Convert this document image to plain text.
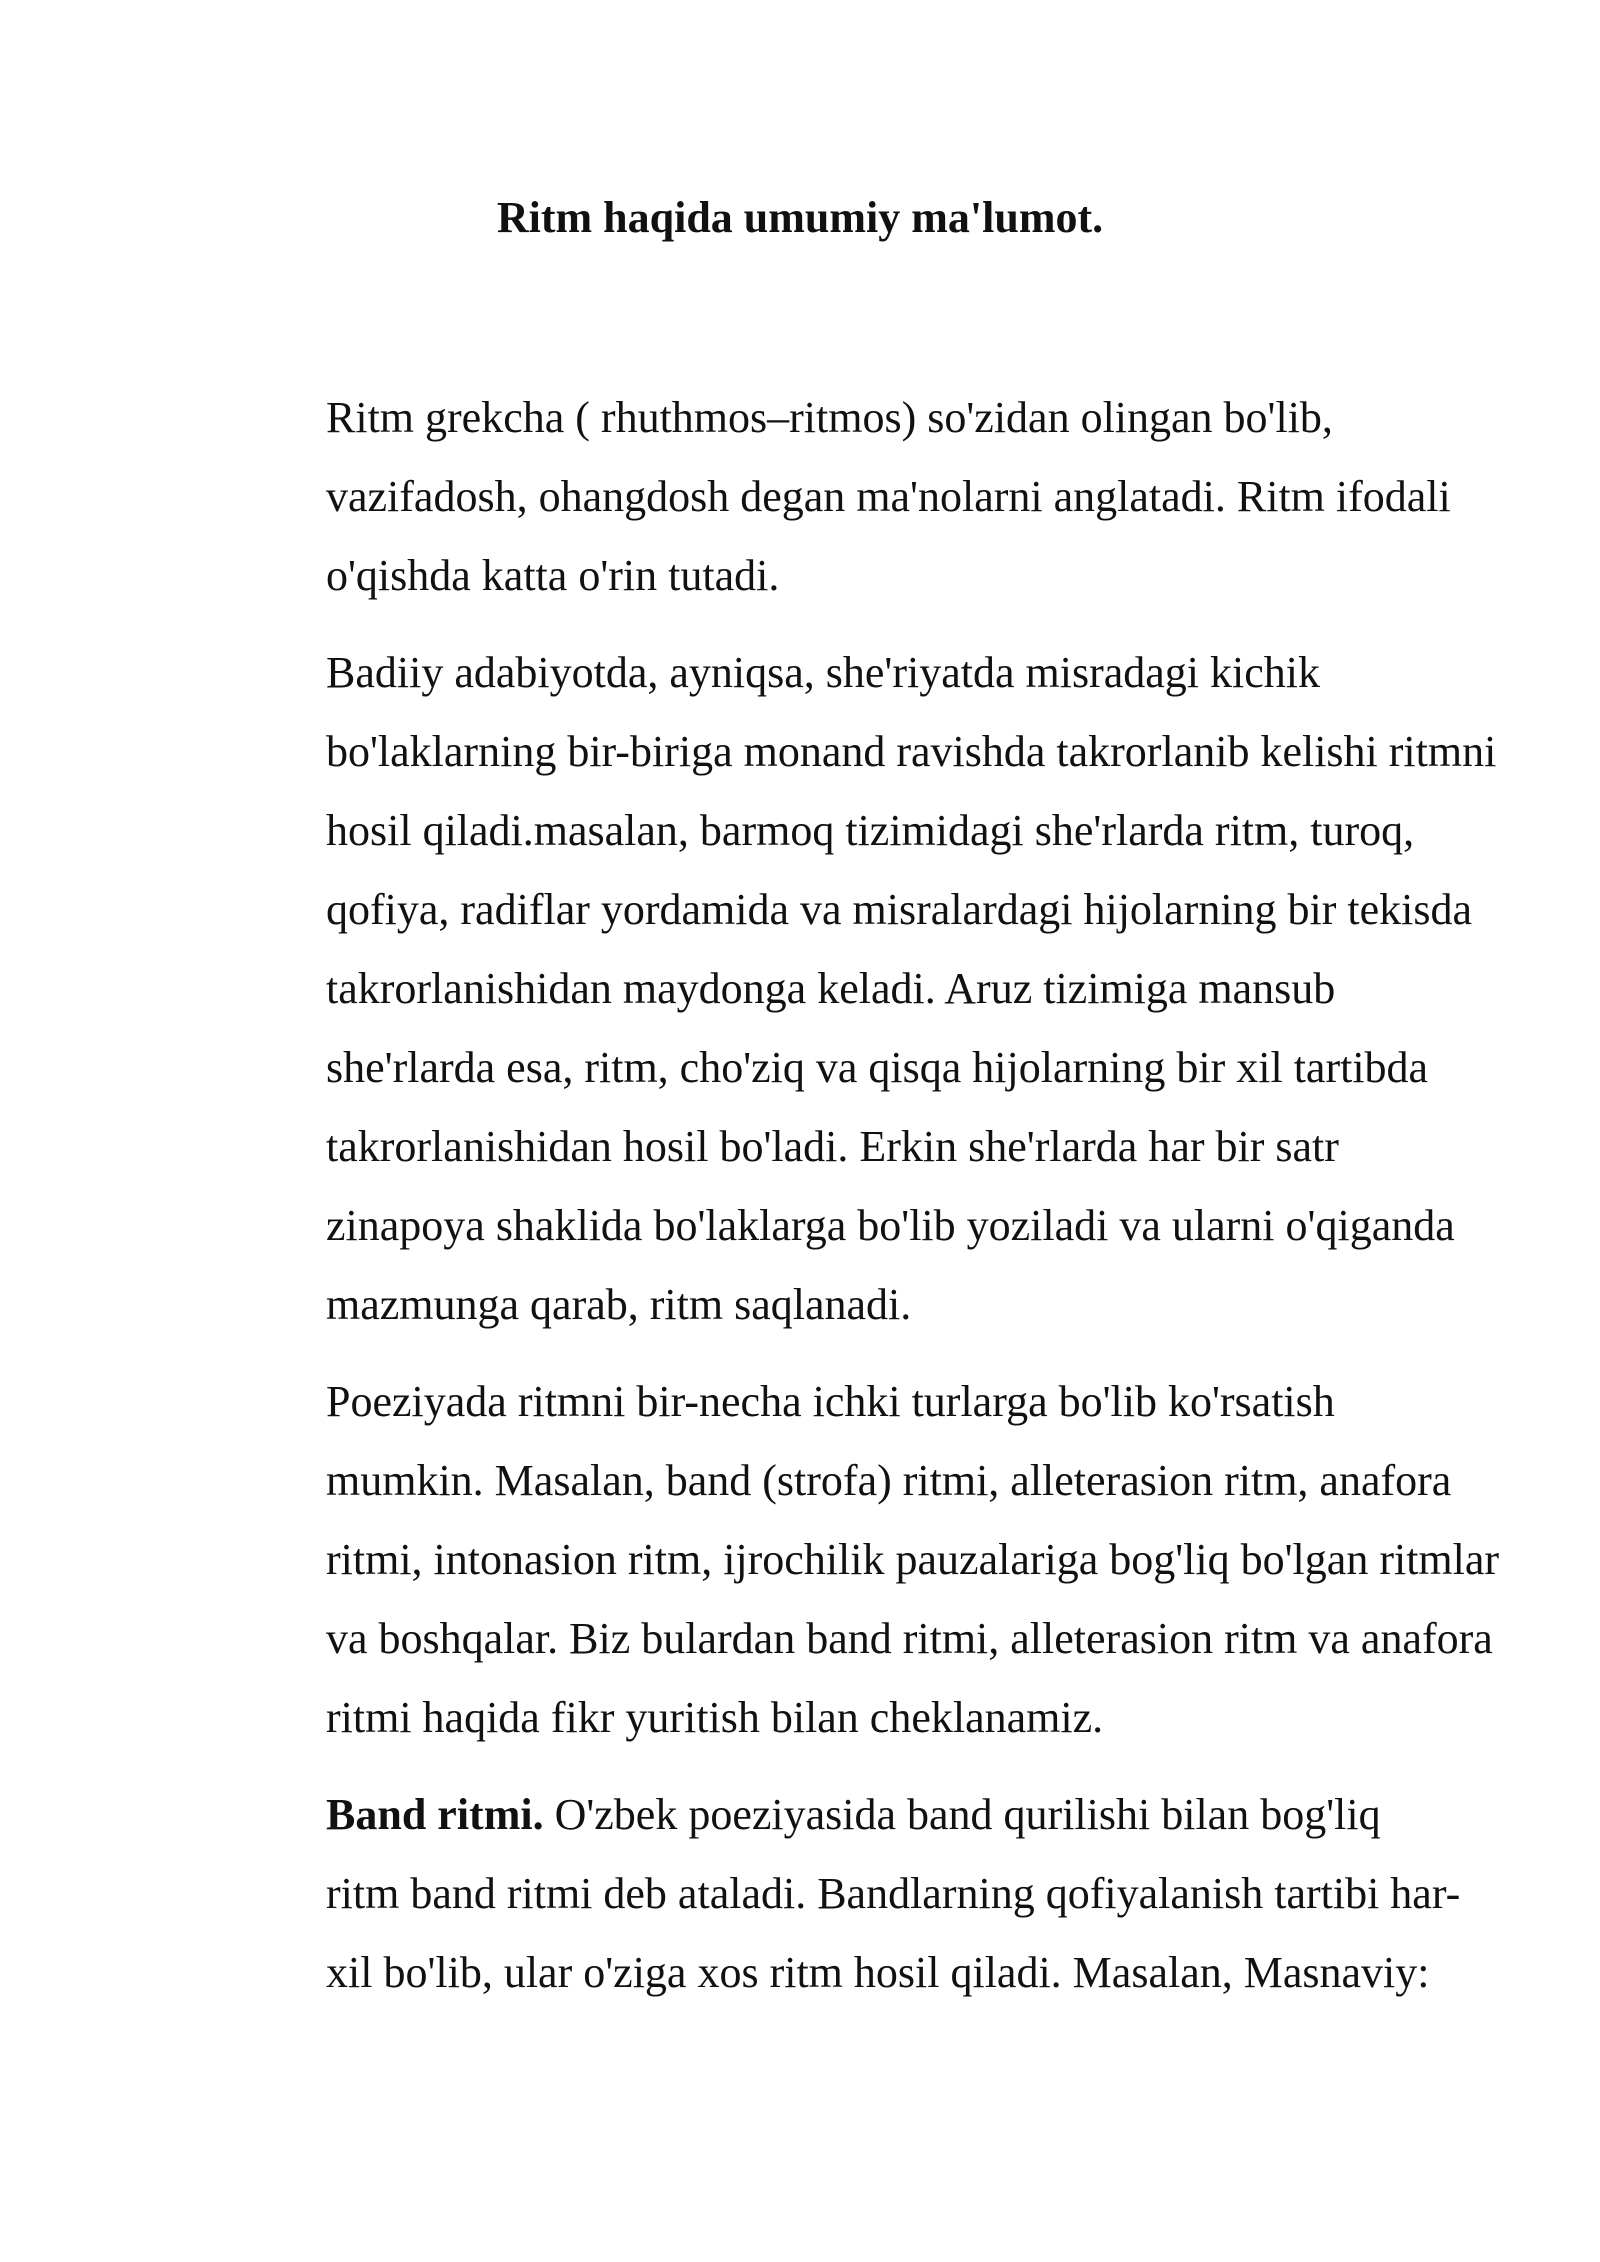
Ritm haqida umumiy ma'lumot.

Ritm grekcha ( rhuthmos–ritmos) so'zidan olingan bo'lib,
vazifadosh, ohangdosh degan ma'nolarni anglatadi. Ritm ifodali
o'qishda katta o'rin tutadi.

Badiiy adabiyotda, ayniqsa, she'riyatda misradagi kichik
bo'laklarning bir-biriga monand ravishda takrorlanib kelishi ritmni
hosil qiladi.masalan, barmoq tizimidagi she'rlarda ritm, turoq,
qofiya, radiflar yordamida va misralardagi hijolarning bir tekisda
takrorlanishidan maydonga keladi. Aruz tizimiga mansub
she'rlarda esa, ritm, cho'ziq va qisqa hijolarning bir xil tartibda
takrorlanishidan hosil bo'ladi. Erkin she'rlarda har bir satr
zinapoya shaklida bo'laklarga bo'lib yoziladi va ularni o'qiganda
mazmunga qarab, ritm saqlanadi.

Poeziyada ritmni bir-necha ichki turlarga bo'lib ko'rsatish
mumkin. Masalan, band (strofa) ritmi, alleterasion ritm, anafora
ritmi, intonasion ritm, ijrochilik pauzalariga bog'liq bo'lgan ritmlar
va boshqalar. Biz bulardan band ritmi, alleterasion ritm va anafora
ritmi haqida fikr yuritish bilan cheklanamiz.

Band ritmi. O'zbek poeziyasida band qurilishi bilan bog'liq
ritm band ritmi deb ataladi. Bandlarning qofiyalanish tartibi har-
xil bo'lib, ular o'ziga xos ritm hosil qiladi. Masalan, Masnaviy:
